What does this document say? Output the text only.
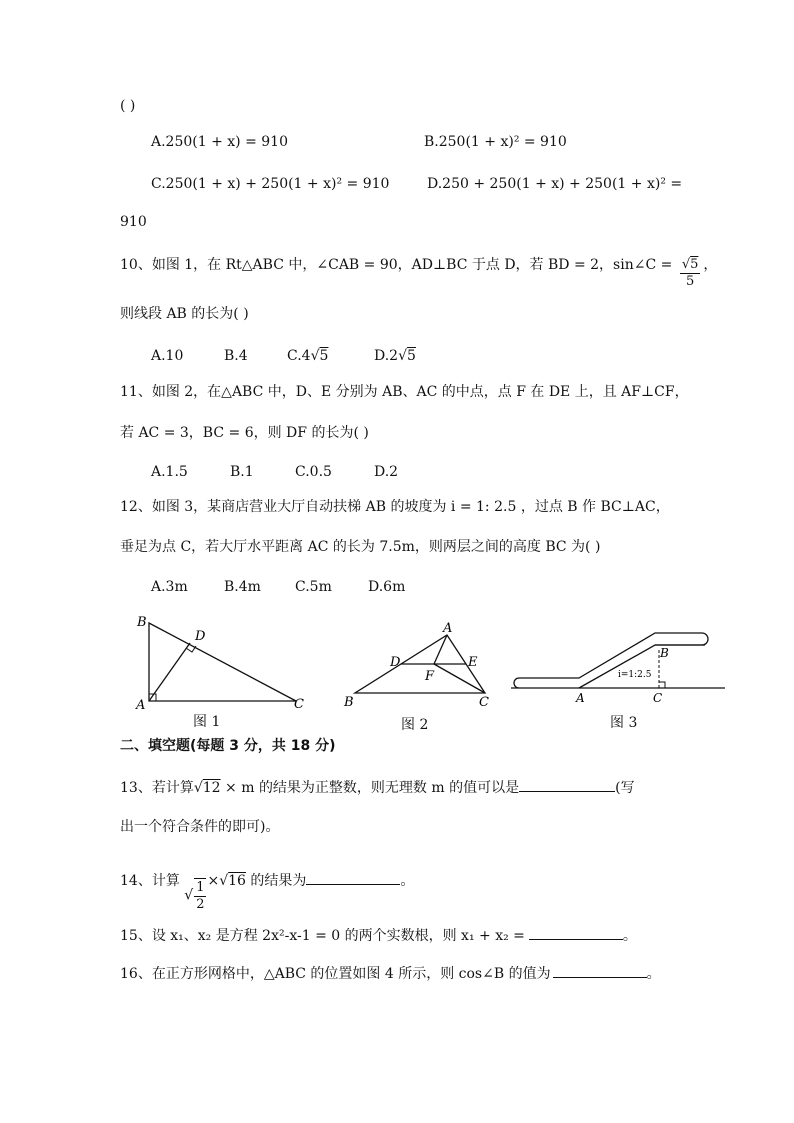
( )
A.250(1 + x) = 910	B.250(1 + x)² = 910
C.250(1 + x) + 250(1 + x)² = 910	D.250 + 250(1 + x) + 250(1 + x)² =
910
10、如图 1，在 Rt△ABC 中，∠CAB = 90，AD⊥BC 于点 D，若 BD = 2，sin∠C = $\frac{√5}{5}$ ，
则线段 AB 的长为( )
A.10	B.4	C.4√5	D.2√5
11、如图 2，在△ABC 中，D、E 分别为 AB、AC 的中点，点 F 在 DE 上，且 AF⊥CF，
若 AC = 3，BC = 6，则 DF 的长为( )
A.1.5	B.1	C.0.5	D.2
12、如图 3，某商店营业大厅自动扶梯 AB 的坡度为 i = 1: 2.5 ，过点 B 作 BC⊥AC，
垂足为点 C，若大厅水平距离 AC 的长为 7.5m，则两层之间的高度 BC 为( )
A.3m	B.4m C.5m	D.6m
B
D
A	C
图 1
A
D	E
F
B	C
图 2
B
i=1:2.5
A	C
图 3
二、填空题(每题 3 分，共 18 分)
13、若计算√12 × m 的结果为正整数，则无理数 m 的值可以是	(写
出一个符合条件的即可)。
14、计算 √ $\frac{1}{2} \times√16$ 的结果为	。
15、设 x₁、x₂ 是方程 2x²-x-1 = 0 的两个实数根，则 x₁ + x₂ =	。
16、在正方形网格中，△ABC 的位置如图 4 所示，则 cos∠B 的值为	。
